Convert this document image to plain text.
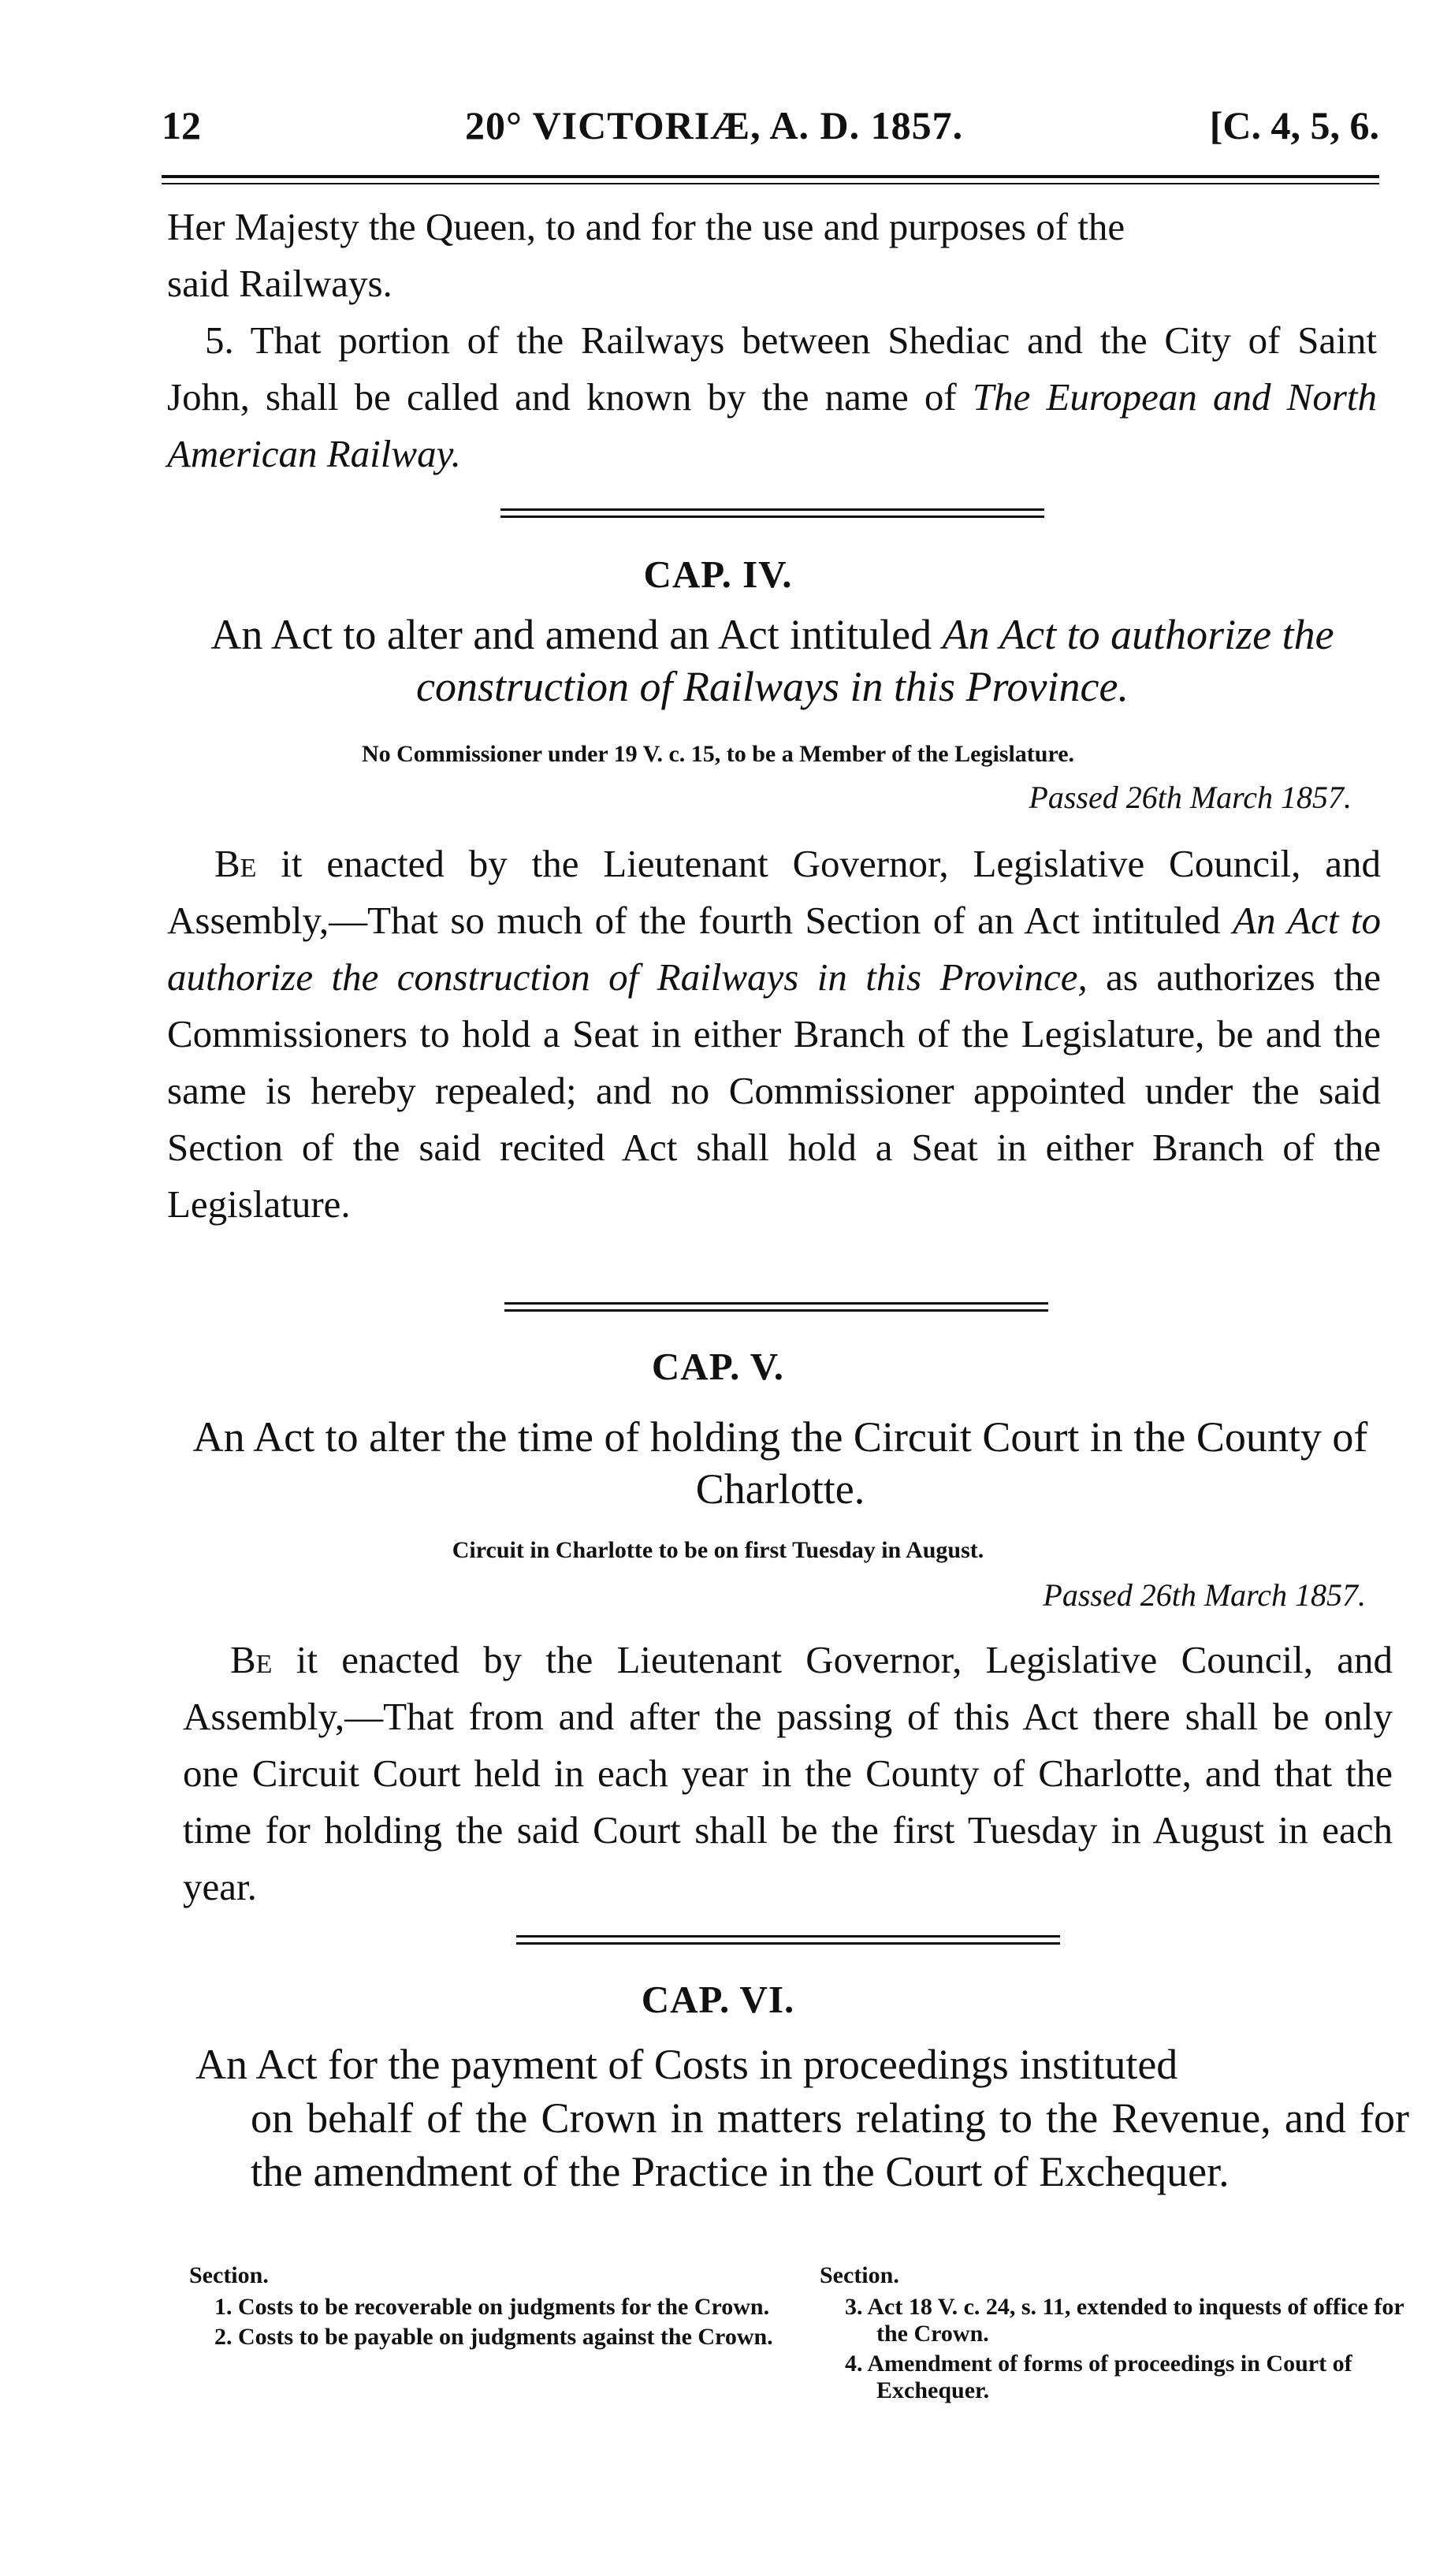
12	20° VICTORIÆ, A. D. 1857.	[C. 4, 5, 6.

Her Majesty the Queen, to and for the use and purposes of the

said Railways.

5. That portion of the Railways between Shediac and the City of Saint John, shall be called and known by the name of The European and North American Railway.

CAP. IV.
An Act to alter and amend an Act intituled An Act to authorize the construction of Railways in this Province.
No Commissioner under 19 V. c. 15, to be a Member of the Legislature.
Passed 26th March 1857.

Be it enacted by the Lieutenant Governor, Legislative Council, and Assembly,—That so much of the fourth Section of an Act intituled An Act to authorize the construction of Railways in this Province, as authorizes the Commissioners to hold a Seat in either Branch of the Legislature, be and the same is hereby repealed; and no Commissioner appointed under the said Section of the said recited Act shall hold a Seat in either Branch of the Legislature.

CAP. V.
An Act to alter the time of holding the Circuit Court in the County of Charlotte.
Circuit in Charlotte to be on first Tuesday in August.
Passed 26th March 1857.

Be it enacted by the Lieutenant Governor, Legislative Council, and Assembly,—That from and after the passing of this Act there shall be only one Circuit Court held in each year in the County of Charlotte, and that the time for holding the said Court shall be the first Tuesday in August in each year.

CAP. VI.
An Act for the payment of Costs in proceedings instituted
on behalf of the Crown in matters relating to the Revenue, and for the amendment of the Practice in the Court of Exchequer.
Section.
1. Costs to be recoverable on judgments for the Crown.
2. Costs to be payable on judgments against the Crown.
Section.
3. Act 18 V. c. 24, s. 11, extended to inquests of office for the Crown.
4. Amendment of forms of proceedings in Court of Exchequer.
